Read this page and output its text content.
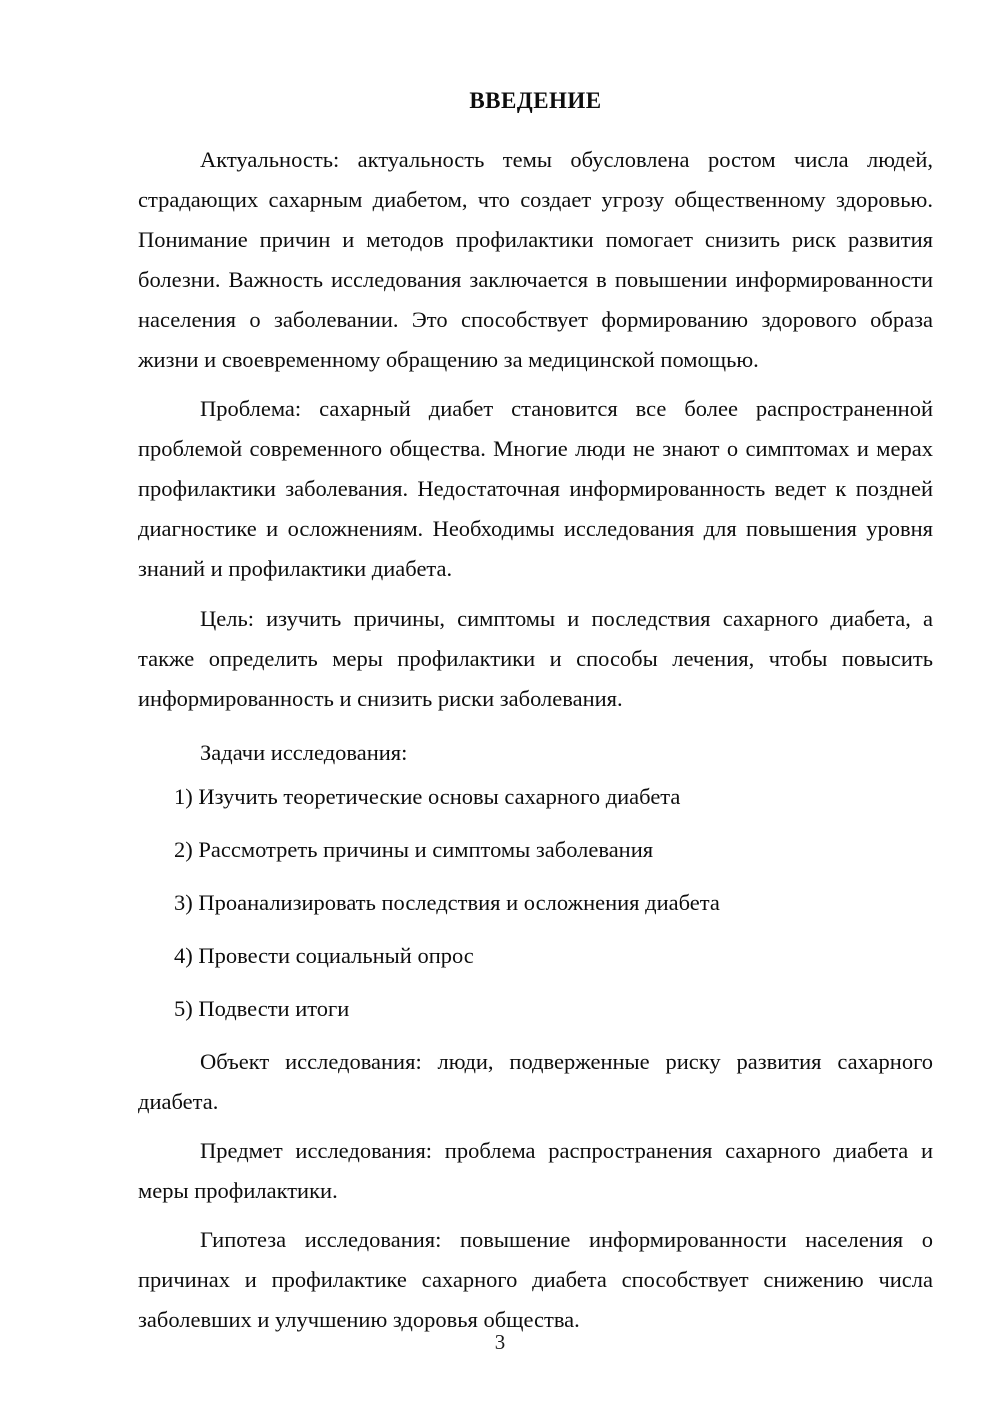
ВВЕДЕНИЕ

Актуальность: актуальность темы обусловлена ростом числа людей, страдающих сахарным диабетом, что создает угрозу общественному здоровью. Понимание причин и методов профилактики помогает снизить риск развития болезни. Важность исследования заключается в повышении информированности населения о заболевании. Это способствует формированию здорового образа жизни и своевременному обращению за медицинской помощью.

Проблема: сахарный диабет становится все более распространенной проблемой современного общества. Многие люди не знают о симптомах и мерах профилактики заболевания. Недостаточная информированность ведет к поздней диагностике и осложнениям. Необходимы исследования для повышения уровня знаний и профилактики диабета.

Цель: изучить причины, симптомы и последствия сахарного диабета, а также определить меры профилактики и способы лечения, чтобы повысить информированность и снизить риски заболевания.

Задачи исследования:
1) Изучить теоретические основы сахарного диабета
2) Рассмотреть причины и симптомы заболевания
3) Проанализировать последствия и осложнения диабета
4) Провести социальный опрос
5) Подвести итоги

Объект исследования: люди, подверженные риску развития сахарного диабета.

Предмет исследования: проблема распространения сахарного диабета и меры профилактики.

Гипотеза исследования: повышение информированности населения о причинах и профилактике сахарного диабета способствует снижению числа заболевших и улучшению здоровья общества.

3
